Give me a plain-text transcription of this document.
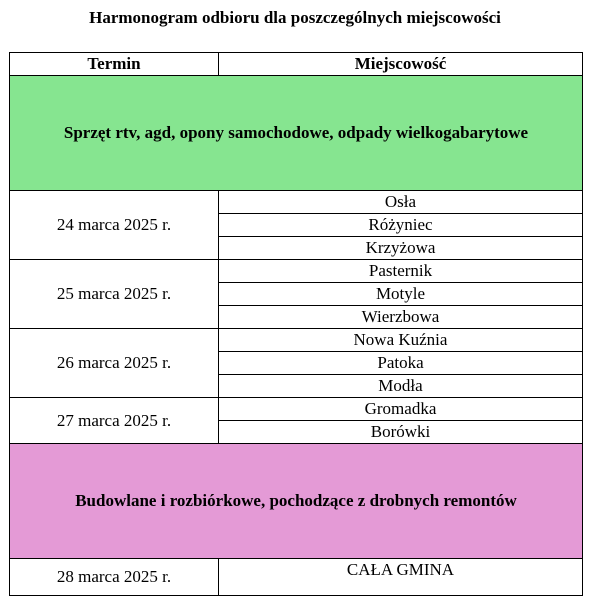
Harmonogram odbioru dla poszczególnych miejscowości
Termin	Miejscowość
Sprzęt rtv, agd, opony samochodowe, odpady wielkogabarytowe	
24 marca 2025 r.	Osła
	Różyniec
	Krzyżowa
25 marca 2025 r.	Pasternik
	Motyle
	Wierzbowa
26 marca 2025 r.	Nowa Kuźnia
	Patoka
	Modła
27 marca 2025 r.	Gromadka
	Borówki
Budowlane i rozbiórkowe, pochodzące z drobnych remontów	
28 marca 2025 r.	CAŁA GMINA
